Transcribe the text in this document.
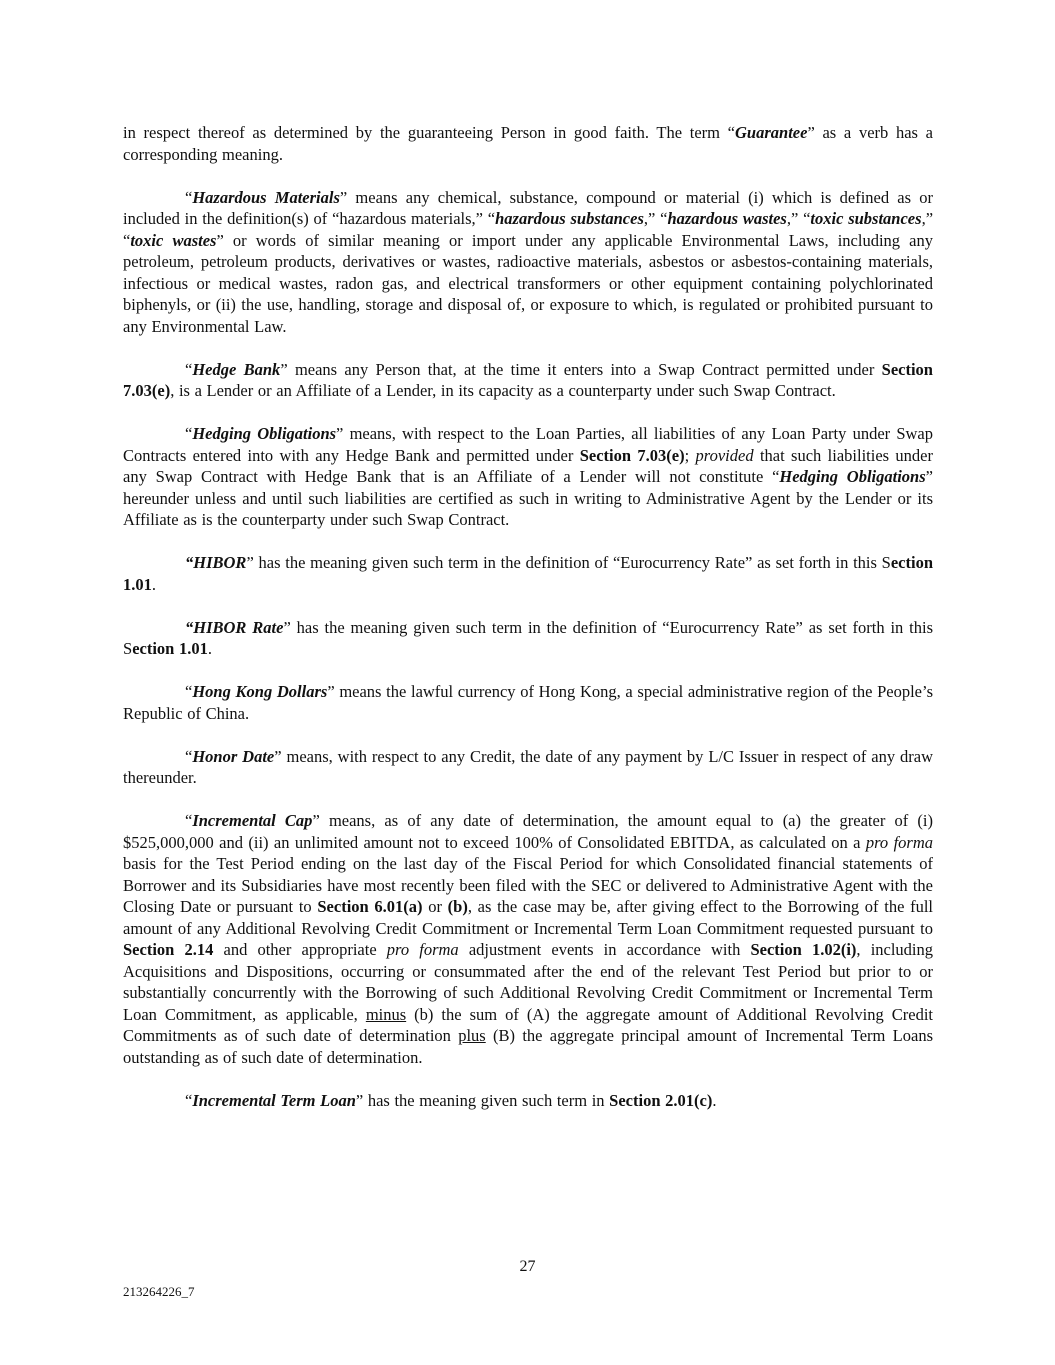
in respect thereof as determined by the guaranteeing Person in good faith. The term “Guarantee” as a verb has a corresponding meaning.

“Hazardous Materials” means any chemical, substance, compound or material (i) which is defined as or included in the definition(s) of “hazardous materials,” “hazardous substances,” “hazardous wastes,” “toxic substances,” “toxic wastes” or words of similar meaning or import under any applicable Environmental Laws, including any petroleum, petroleum products, derivatives or wastes, radioactive materials, asbestos or asbestos-containing materials, infectious or medical wastes, radon gas, and electrical transformers or other equipment containing polychlorinated biphenyls, or (ii) the use, handling, storage and disposal of, or exposure to which, is regulated or prohibited pursuant to any Environmental Law.

“Hedge Bank” means any Person that, at the time it enters into a Swap Contract permitted under Section 7.03(e), is a Lender or an Affiliate of a Lender, in its capacity as a counterparty under such Swap Contract.

“Hedging Obligations” means, with respect to the Loan Parties, all liabilities of any Loan Party under Swap Contracts entered into with any Hedge Bank and permitted under Section 7.03(e); provided that such liabilities under any Swap Contract with Hedge Bank that is an Affiliate of a Lender will not constitute “Hedging Obligations” hereunder unless and until such liabilities are certified as such in writing to Administrative Agent by the Lender or its Affiliate as is the counterparty under such Swap Contract.

“HIBOR” has the meaning given such term in the definition of “Eurocurrency Rate” as set forth in this Section 1.01.

“HIBOR Rate” has the meaning given such term in the definition of “Eurocurrency Rate” as set forth in this Section 1.01.

“Hong Kong Dollars” means the lawful currency of Hong Kong, a special administrative region of the People’s Republic of China.

“Honor Date” means, with respect to any Credit, the date of any payment by L/C Issuer in respect of any draw thereunder.

“Incremental Cap” means, as of any date of determination, the amount equal to (a) the greater of (i) $525,000,000 and (ii) an unlimited amount not to exceed 100% of Consolidated EBITDA, as calculated on a pro forma basis for the Test Period ending on the last day of the Fiscal Period for which Consolidated financial statements of Borrower and its Subsidiaries have most recently been filed with the SEC or delivered to Administrative Agent with the Closing Date or pursuant to Section 6.01(a) or (b), as the case may be, after giving effect to the Borrowing of the full amount of any Additional Revolving Credit Commitment or Incremental Term Loan Commitment requested pursuant to Section 2.14 and other appropriate pro forma adjustment events in accordance with Section 1.02(i), including Acquisitions and Dispositions, occurring or consummated after the end of the relevant Test Period but prior to or substantially concurrently with the Borrowing of such Additional Revolving Credit Commitment or Incremental Term Loan Commitment, as applicable, minus (b) the sum of (A) the aggregate amount of Additional Revolving Credit Commitments as of such date of determination plus (B) the aggregate principal amount of Incremental Term Loans outstanding as of such date of determination.

“Incremental Term Loan” has the meaning given such term in Section 2.01(c).

27
213264226_7
